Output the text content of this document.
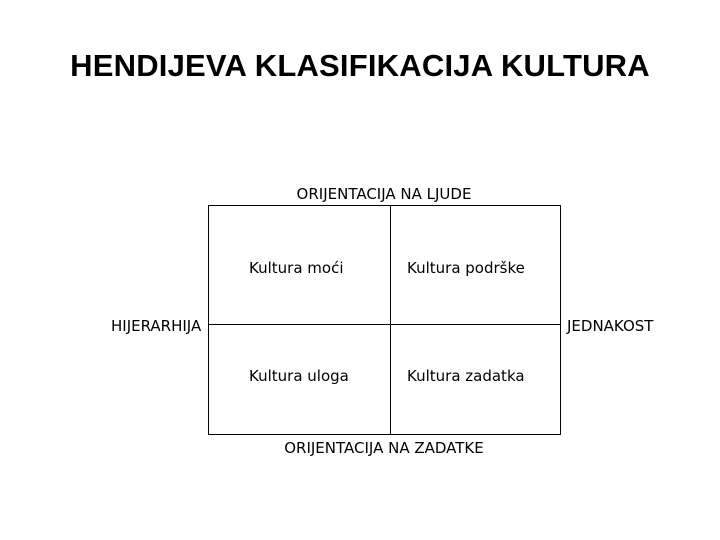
HENDIJEVA KLASIFIKACIJA KULTURA
ORIJENTACIJA NA LJUDE
HIJERARHIJA	JEDNAKOST
Kultura moći	Kultura podrške
Kultura uloga	Kultura zadatka
ORIJENTACIJA NA ZADATKE
